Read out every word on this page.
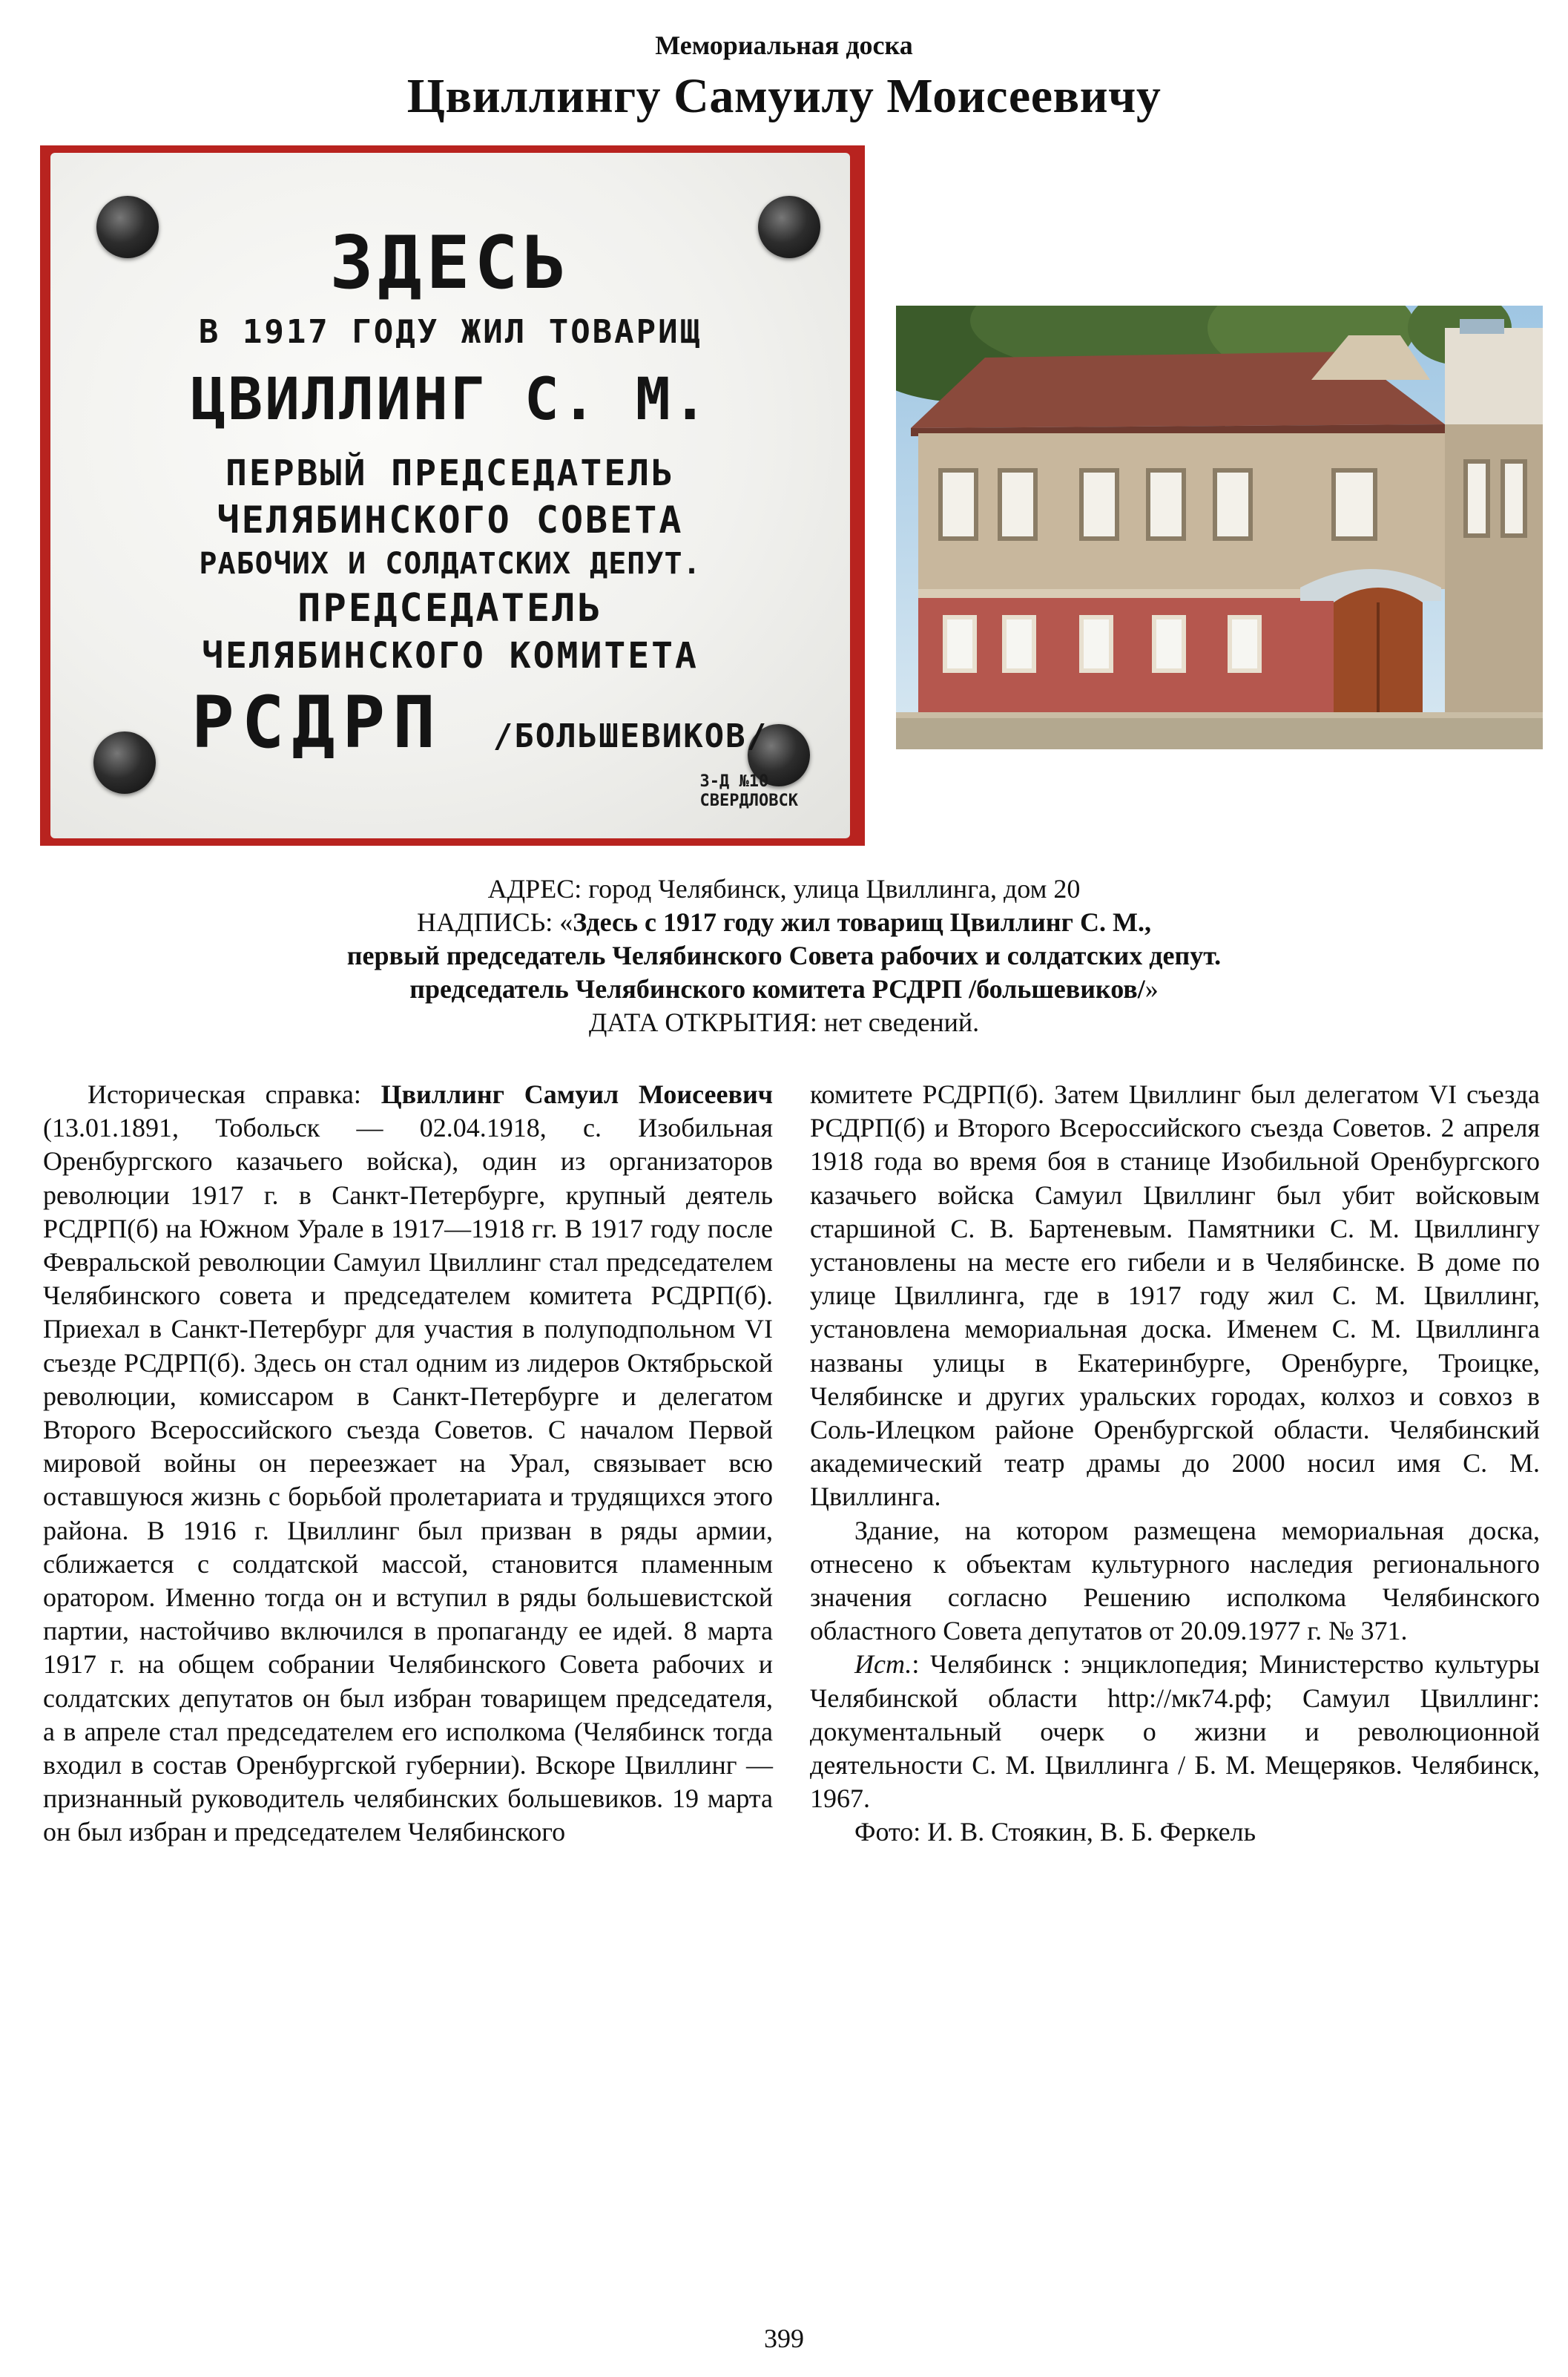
Мемориальная доска
Цвиллингу Самуилу Моисеевичу
ЗДЕСЬ
В 1917 ГОДУ ЖИЛ ТОВАРИЩ
ЦВИЛЛИНГ С. М.
ПЕРВЫЙ ПРЕДСЕДАТЕЛЬ
ЧЕЛЯБИНСКОГО СОВЕТА
РАБОЧИХ И СОЛДАТСКИХ ДЕПУТ.
ПРЕДСЕДАТЕЛЬ
ЧЕЛЯБИНСКОГО КОМИТЕТА
РСДРП /БОЛЬШЕВИКОВ/
З-Д №10
СВЕРДЛОВСК
АДРЕС: город Челябинск, улица Цвиллинга, дом 20
НАДПИСЬ: «Здесь с 1917 году жил товарищ Цвиллинг С. М.,
первый председатель Челябинского Совета рабочих и солдатских депут.
председатель Челябинского комитета РСДРП /большевиков/»
ДАТА ОТКРЫТИЯ: нет сведений.

Историческая справка: Цвиллинг Самуил Моисеевич (13.01.1891, Тобольск — 02.04.1918, с. Изобильная Оренбургского казачьего войска), один из организаторов революции 1917 г. в Санкт-Петербурге, крупный деятель РСДРП(б) на Южном Урале в 1917—1918 гг. В 1917 году после Февральской революции Самуил Цвиллинг стал председателем Челябинского совета и председателем комитета РСДРП(б). Приехал в Санкт-Петербург для участия в полуподпольном VI съезде РСДРП(б). Здесь он стал одним из лидеров Октябрьской революции, комиссаром в Санкт-Петербурге и делегатом Второго Всероссийского съезда Советов. С началом Первой мировой войны он переезжает на Урал, связывает всю оставшуюся жизнь с борьбой пролетариата и трудящихся этого района. В 1916 г. Цвиллинг был призван в ряды армии, сближается с солдатской массой, становится пламенным оратором. Именно тогда он и вступил в ряды большевистской партии, настойчиво включился в пропаганду ее идей. 8 марта 1917 г. на общем собрании Челябинского Совета рабочих и солдатских депутатов он был избран товарищем председателя, а в апреле стал председателем его исполкома (Челябинск тогда входил в состав Оренбургской губернии). Вскоре Цвиллинг — признанный руководитель челябинских большевиков. 19 марта он был избран и председателем Челябинского

комитете РСДРП(б). Затем Цвиллинг был делегатом VI съезда РСДРП(б) и Второго Всероссийского съезда Советов. 2 апреля 1918 года во время боя в станице Изобильной Оренбургского казачьего войска Самуил Цвиллинг был убит войсковым старшиной С. В. Бартеневым. Памятники С. М. Цвиллингу установлены на месте его гибели и в Челябинске. В доме по улице Цвиллинга, где в 1917 году жил С. М. Цвиллинг, установлена мемориальная доска. Именем С. М. Цвиллинга названы улицы в Екатеринбурге, Оренбурге, Троицке, Челябинске и других уральских городах, колхоз и совхоз в Соль-Илецком районе Оренбургской области. Челябинский академический театр драмы до 2000 носил имя С. М. Цвиллинга.

Здание, на котором размещена мемориальная доска, отнесено к объектам культурного наследия регионального значения согласно Решению исполкома Челябинского областного Совета депутатов от 20.09.1977 г. № 371.

Ист.: Челябинск : энциклопедия; Министерство культуры Челябинской области http://мк74.рф; Самуил Цвиллинг: документальный очерк о жизни и революционной деятельности С. М. Цвиллинга / Б. М. Мещеряков. Челябинск, 1967.

Фото: И. В. Стоякин, В. Б. Феркель

399
